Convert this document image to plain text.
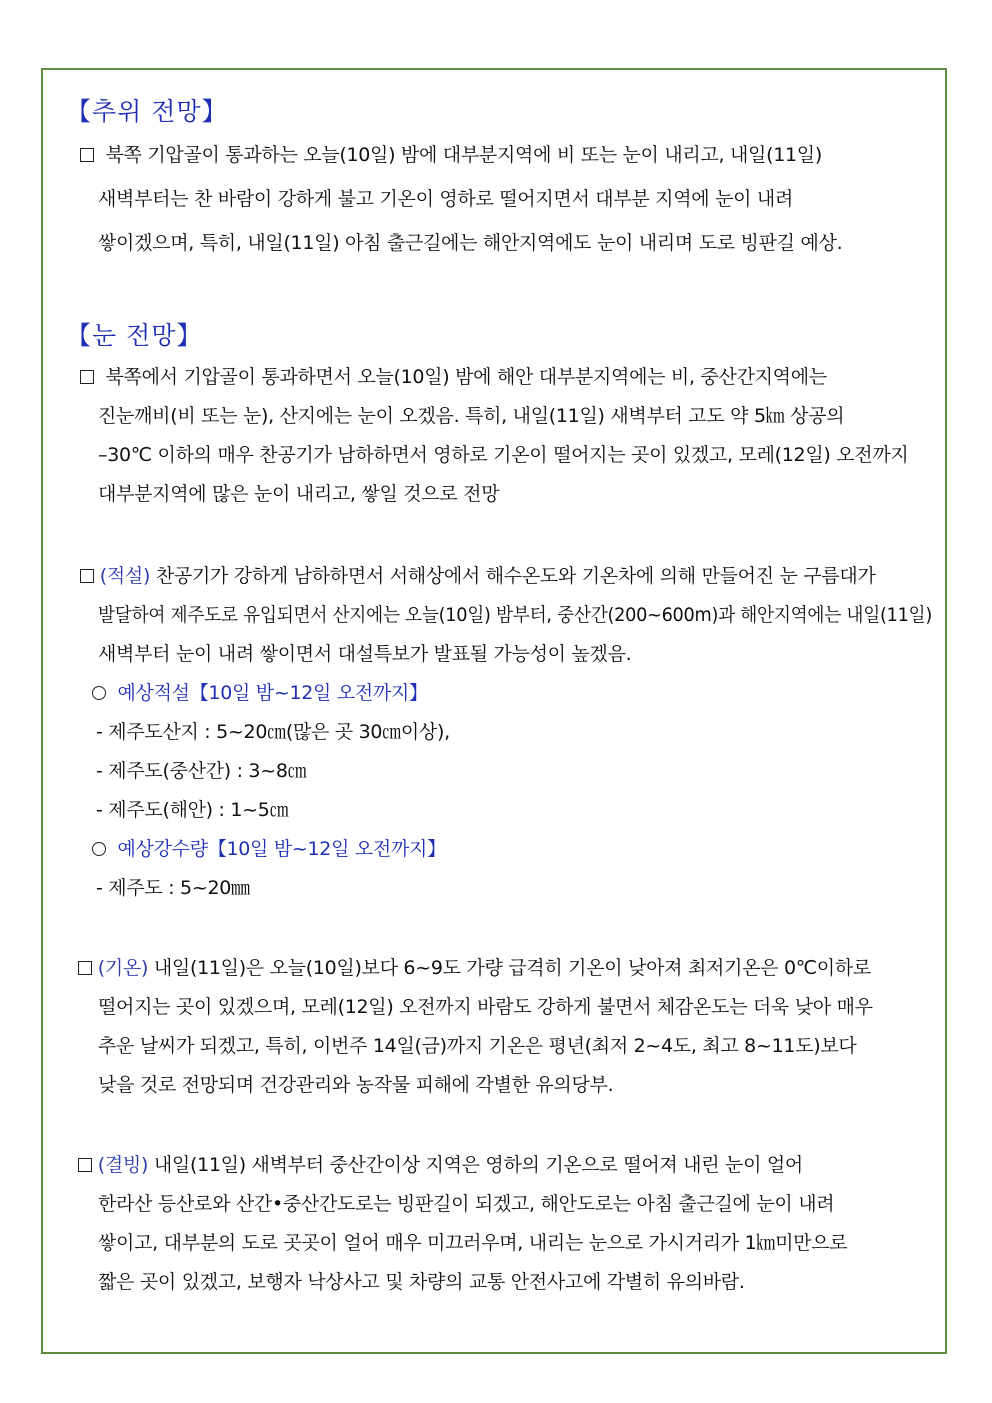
【추위 전망】
북쪽 기압골이 통과하는 오늘(10일) 밤에 대부분지역에 비 또는 눈이 내리고, 내일(11일)
새벽부터는 찬 바람이 강하게 불고 기온이 영하로 떨어지면서 대부분 지역에 눈이 내려
쌓이겠으며, 특히, 내일(11일) 아침 출근길에는 해안지역에도 눈이 내리며 도로 빙판길 예상.
【눈 전망】
북쪽에서 기압골이 통과하면서 오늘(10일) 밤에 해안 대부분지역에는 비, 중산간지역에는
진눈깨비(비 또는 눈), 산지에는 눈이 오겠음. 특히, 내일(11일) 새벽부터 고도 약 5㎞ 상공의
–30℃ 이하의 매우 찬공기가 남하하면서 영하로 기온이 떨어지는 곳이 있겠고, 모레(12일) 오전까지
대부분지역에 많은 눈이 내리고, 쌓일 것으로 전망
(적설) 찬공기가 강하게 남하하면서 서해상에서 해수온도와 기온차에 의해 만들어진 눈 구름대가
발달하여 제주도로 유입되면서 산지에는 오늘(10일) 밤부터, 중산간(200~600m)과 해안지역에는 내일(11일)
새벽부터 눈이 내려 쌓이면서 대설특보가 발표될 가능성이 높겠음.
예상적설【10일 밤~12일 오전까지】
- 제주도산지 : 5~20㎝(많은 곳 30㎝이상),
- 제주도(중산간) : 3~8㎝
- 제주도(해안) : 1~5㎝
예상강수량【10일 밤~12일 오전까지】
- 제주도 : 5~20㎜
(기온) 내일(11일)은 오늘(10일)보다 6~9도 가량 급격히 기온이 낮아져 최저기온은 0℃이하로
떨어지는 곳이 있겠으며, 모레(12일) 오전까지 바람도 강하게 불면서 체감온도는 더욱 낮아 매우
추운 날씨가 되겠고, 특히, 이번주 14일(금)까지 기온은 평년(최저 2~4도, 최고 8~11도)보다
낮을 것로 전망되며 건강관리와 농작물 피해에 각별한 유의당부.
(결빙) 내일(11일) 새벽부터 중산간이상 지역은 영하의 기온으로 떨어져 내린 눈이 얼어
한라산 등산로와 산간•중산간도로는 빙판길이 되겠고, 해안도로는 아침 출근길에 눈이 내려
쌓이고, 대부분의 도로 곳곳이 얼어 매우 미끄러우며, 내리는 눈으로 가시거리가 1㎞미만으로
짧은 곳이 있겠고, 보행자 낙상사고 및 차량의 교통 안전사고에 각별히 유의바람.
